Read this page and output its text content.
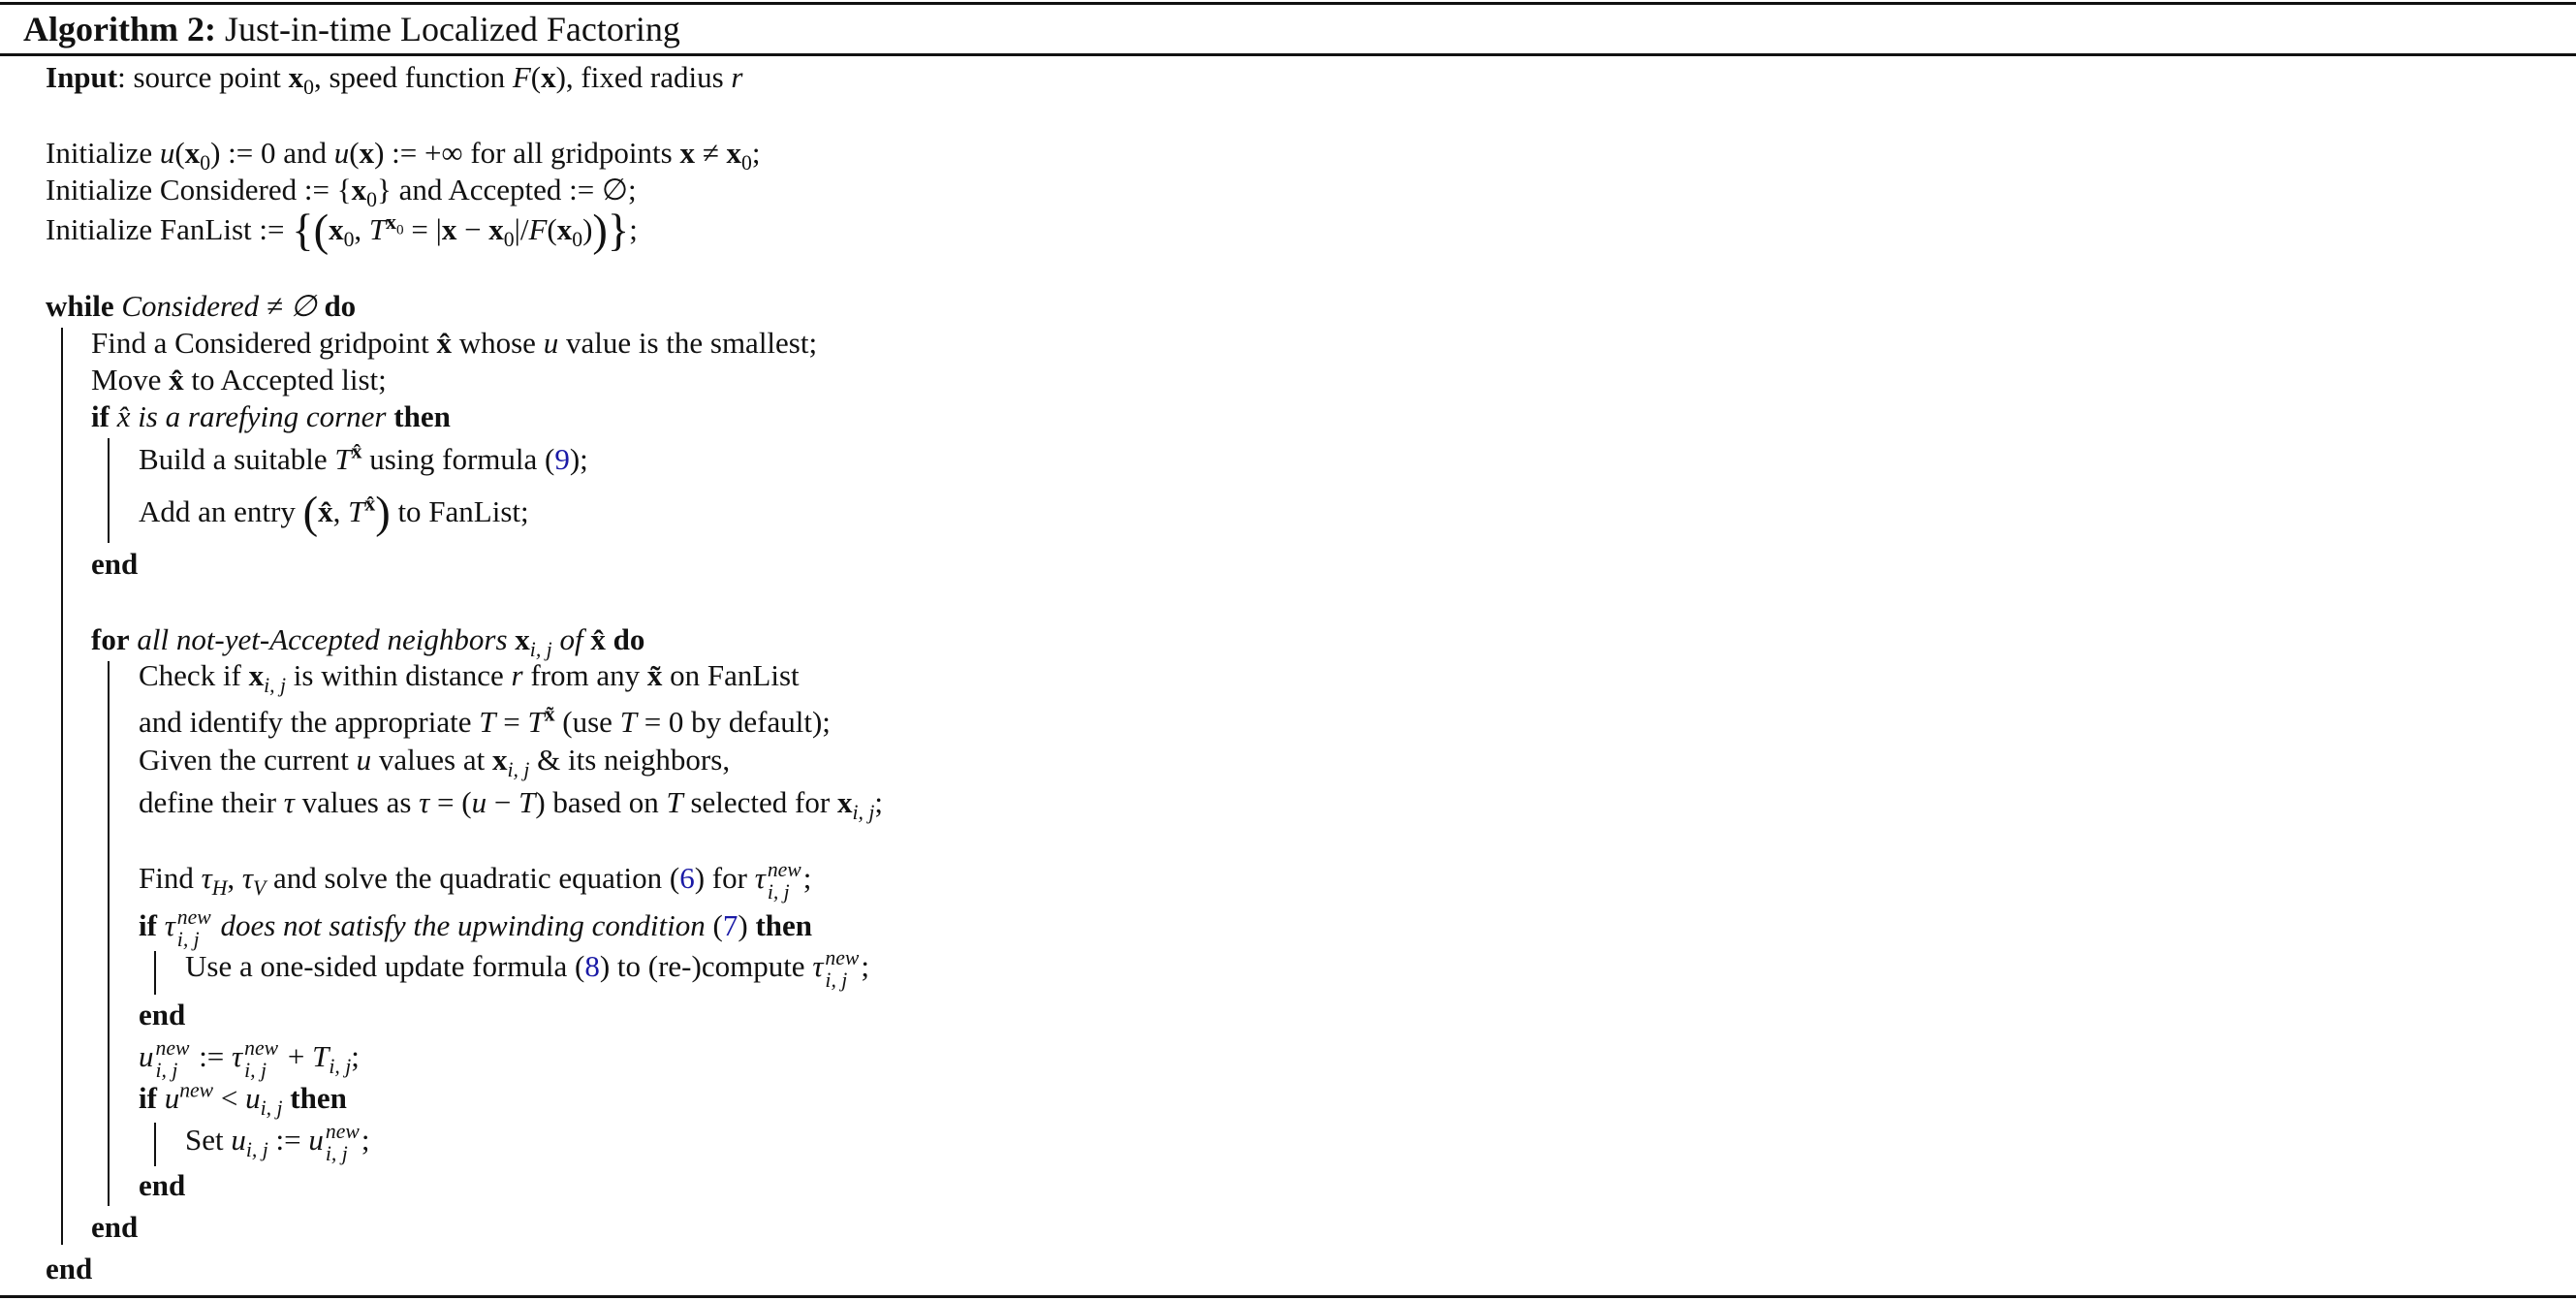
Algorithm 2: Just-in-time Localized Factoring
Input: source point $x_0$, speed function F(x), fixed radius r
Initialize $u(x_0)$ := 0 and u(x) := +∞ for all gridpoints $x \ne x_0$;
Initialize Considered := $\{x_0\}$ and Accepted := ∅;
Initialize FanList := {($x_0$, $T^{x_0} = |x - x_0|/F(x_0)$)};
while Considered ≠ ∅ do
Find a Considered gridpoint x̂ whose u value is the smallest;
Move x̂ to Accepted list;
if x̂ is a rarefying corner then
Build a suitable $T^{x̂}$ using formula (9);
Add an entry (x̂, $T^{x̂}$) to FanList;
end
for all not-yet-Accepted neighbors $x_{i, j}$ of x̂ do
Check if $x_{i, j}$ is within distance r from any x̃ on FanList
and identify the appropriate $T = T^{x̃}$ (use T = 0 by default);
Given the current u values at $x_{i, j}$ & its neighbors,
define their τ values as τ = (u − T) based on T selected for $x_{i, j}$;
Find $\tau_H$, $\tau_V$ and solve the quadratic equation (6) for τ new
i, j ;
if τ new
i, j does not satisfy the upwinding condition (7) then
Use a one-sided update formula (8) to (re-)compute τ new
i, j ;
end
u new
i, j := τ new
i, $j + T_{i, j}$;
if $u^{new} < u_{i, j}$ then
Set $u_{i, j}$ := u new
i, j ;
end
end
end
